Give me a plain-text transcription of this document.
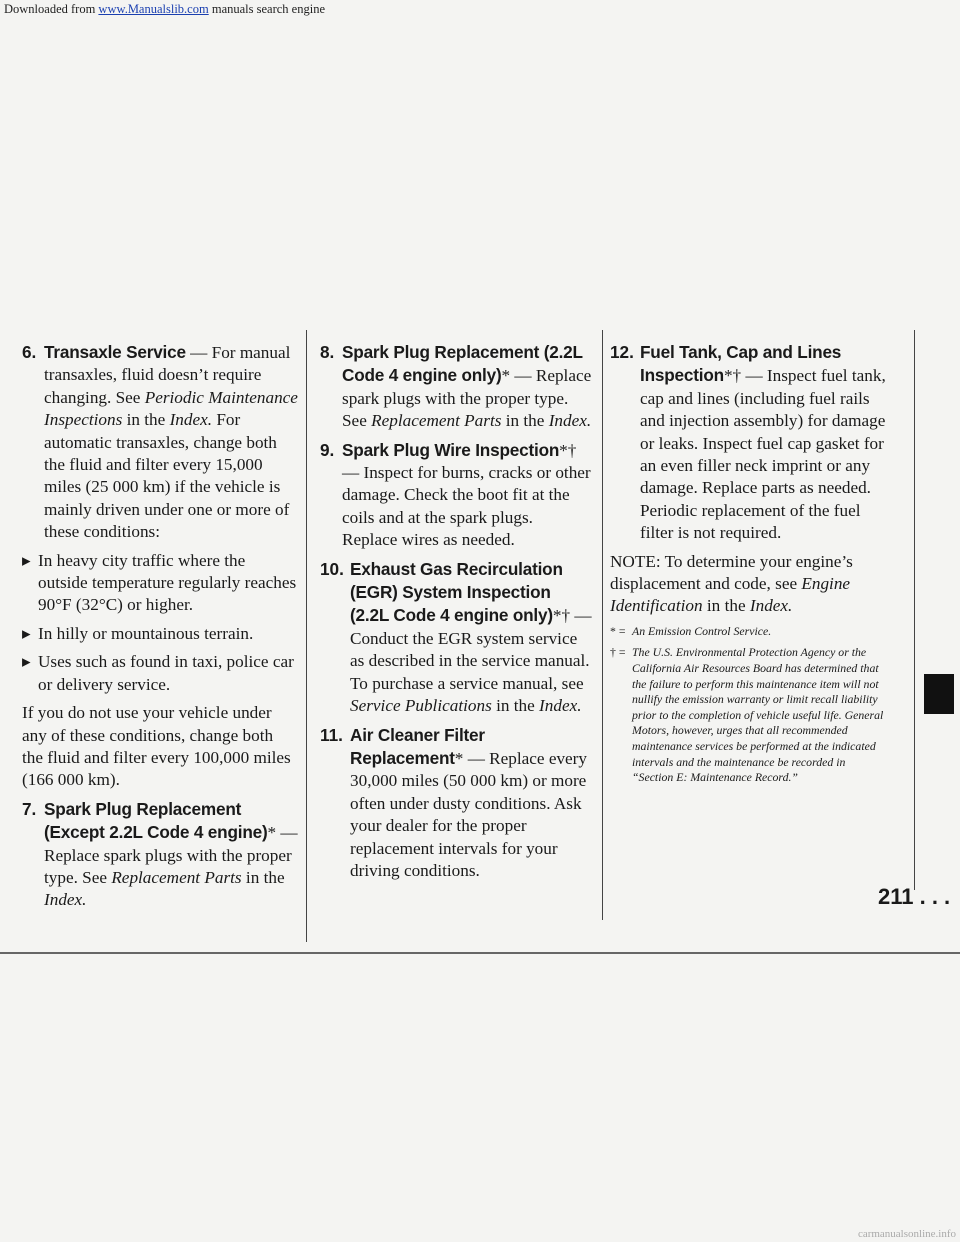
Downloaded from www.Manualslib.com manuals search engine
6. Transaxle Service — For manual transaxles, fluid doesn’t require changing. See Periodic Maintenance Inspections in the Index. For automatic transaxles, change both the fluid and filter every 15,000 miles (25 000 km) if the vehicle is mainly driven under one or more of these conditions:
▸ In heavy city traffic where the outside temperature regularly reaches 90°F (32°C) or higher.
▸ In hilly or mountainous terrain.
▸ Uses such as found in taxi, police car or delivery service.
If you do not use your vehicle under any of these conditions, change both the fluid and filter every 100,000 miles (166 000 km).
7. Spark Plug Replacement (Except 2.2L Code 4 engine)* — Replace spark plugs with the proper type. See Replacement Parts in the Index.
8. Spark Plug Replacement (2.2L Code 4 engine only)* — Replace spark plugs with the proper type. See Replacement Parts in the Index.
9. Spark Plug Wire Inspection*† — Inspect for burns, cracks or other damage. Check the boot fit at the coils and at the spark plugs. Replace wires as needed.
10. Exhaust Gas Recirculation (EGR) System Inspection (2.2L Code 4 engine only)*† — Conduct the EGR system service as described in the service manual. To purchase a service manual, see Service Publications in the Index.
11. Air Cleaner Filter Replacement* — Replace every 30,000 miles (50 000 km) or more often under dusty conditions. Ask your dealer for the proper replacement intervals for your driving conditions.
12. Fuel Tank, Cap and Lines Inspection*† — Inspect fuel tank, cap and lines (including fuel rails and injection assembly) for damage or leaks. Inspect fuel cap gasket for an even filler neck imprint or any damage. Replace parts as needed. Periodic replacement of the fuel filter is not required.
NOTE: To determine your engine’s displacement and code, see Engine Identification in the Index.
* = An Emission Control Service.
† = The U.S. Environmental Protection Agency or the California Air Resources Board has determined that the failure to perform this maintenance item will not nullify the emission warranty or limit recall liability prior to the completion of vehicle useful life. General Motors, however, urges that all recommended maintenance services be performed at the indicated intervals and the maintenance be recorded in “Section E: Maintenance Record.”
211 . . .
carmanualsonline.info
